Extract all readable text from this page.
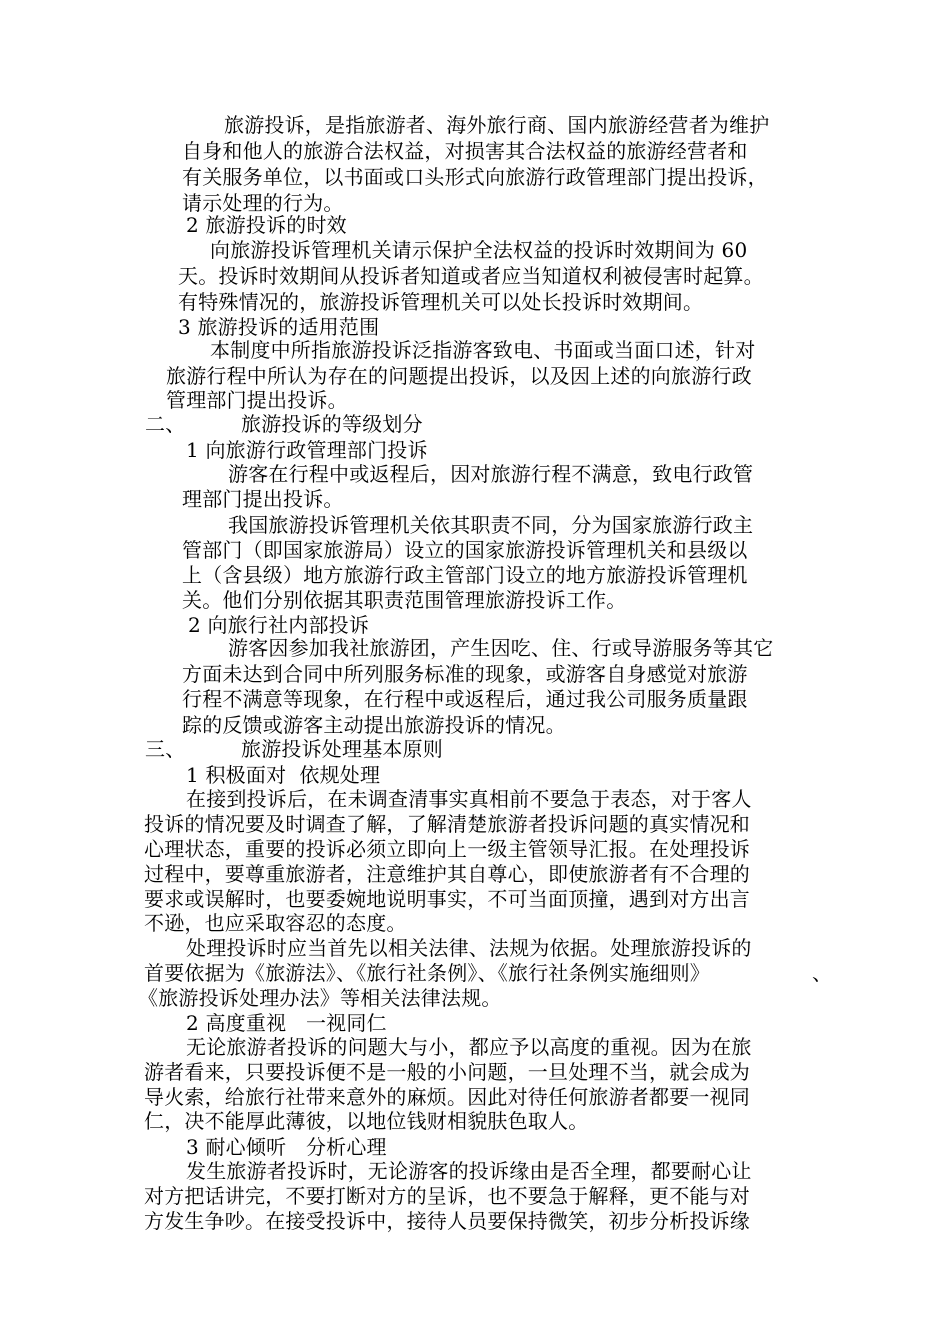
旅游投诉，是指旅游者、海外旅行商、国内旅游经营者为维护
自身和他人的旅游合法权益，对损害其合法权益的旅游经营者和
有关服务单位，以书面或口头形式向旅游行政管理部门提出投诉，
请示处理的行为。
2 旅游投诉的时效
向旅游投诉管理机关请示保护全法权益的投诉时效期间为 60
天。投诉时效期间从投诉者知道或者应当知道权利被侵害时起算。
有特殊情况的，旅游投诉管理机关可以处长投诉时效期间。
3 旅游投诉的适用范围
本制度中所指旅游投诉泛指游客致电、书面或当面口述，针对
旅游行程中所认为存在的问题提出投诉，以及因上述的向旅游行政
管理部门提出投诉。
二、	旅游投诉的等级划分
1 向旅游行政管理部门投诉
游客在行程中或返程后，因对旅游行程不满意，致电行政管
理部门提出投诉。
我国旅游投诉管理机关依其职责不同，分为国家旅游行政主
管部门（即国家旅游局）设立的国家旅游投诉管理机关和县级以
上（含县级）地方旅游行政主管部门设立的地方旅游投诉管理机
关。他们分别依据其职责范围管理旅游投诉工作。
2 向旅行社内部投诉
游客因参加我社旅游团，产生因吃、住、行或导游服务等其它
方面未达到合同中所列服务标准的现象，或游客自身感觉对旅游
行程不满意等现象，在行程中或返程后，通过我公司服务质量跟
踪的反馈或游客主动提出旅游投诉的情况。
三、	旅游投诉处理基本原则
1 积极面对  依规处理
在接到投诉后，在未调查清事实真相前不要急于表态，对于客人
投诉的情况要及时调查了解，了解清楚旅游者投诉问题的真实情况和
心理状态，重要的投诉必须立即向上一级主管领导汇报。在处理投诉
过程中，要尊重旅游者，注意维护其自尊心，即使旅游者有不合理的
要求或误解时，也要委婉地说明事实，不可当面顶撞，遇到对方出言
不逊，也应采取容忍的态度。
处理投诉时应当首先以相关法律、法规为依据。处理旅游投诉的
首要依据为《旅游法》、《旅行社条例》、《旅行社条例实施细则》	、
《旅游投诉处理办法》等相关法律法规。
2 高度重视   一视同仁
无论旅游者投诉的问题大与小，都应予以高度的重视。因为在旅
游者看来，只要投诉便不是一般的小问题，一旦处理不当，就会成为
导火索，给旅行社带来意外的麻烦。因此对待任何旅游者都要一视同
仁，决不能厚此薄彼，以地位钱财相貌肤色取人。
3 耐心倾听   分析心理
发生旅游者投诉时，无论游客的投诉缘由是否全理，都要耐心让
对方把话讲完，不要打断对方的呈诉，也不要急于解释，更不能与对
方发生争吵。在接受投诉中，接待人员要保持微笑，初步分析投诉缘
